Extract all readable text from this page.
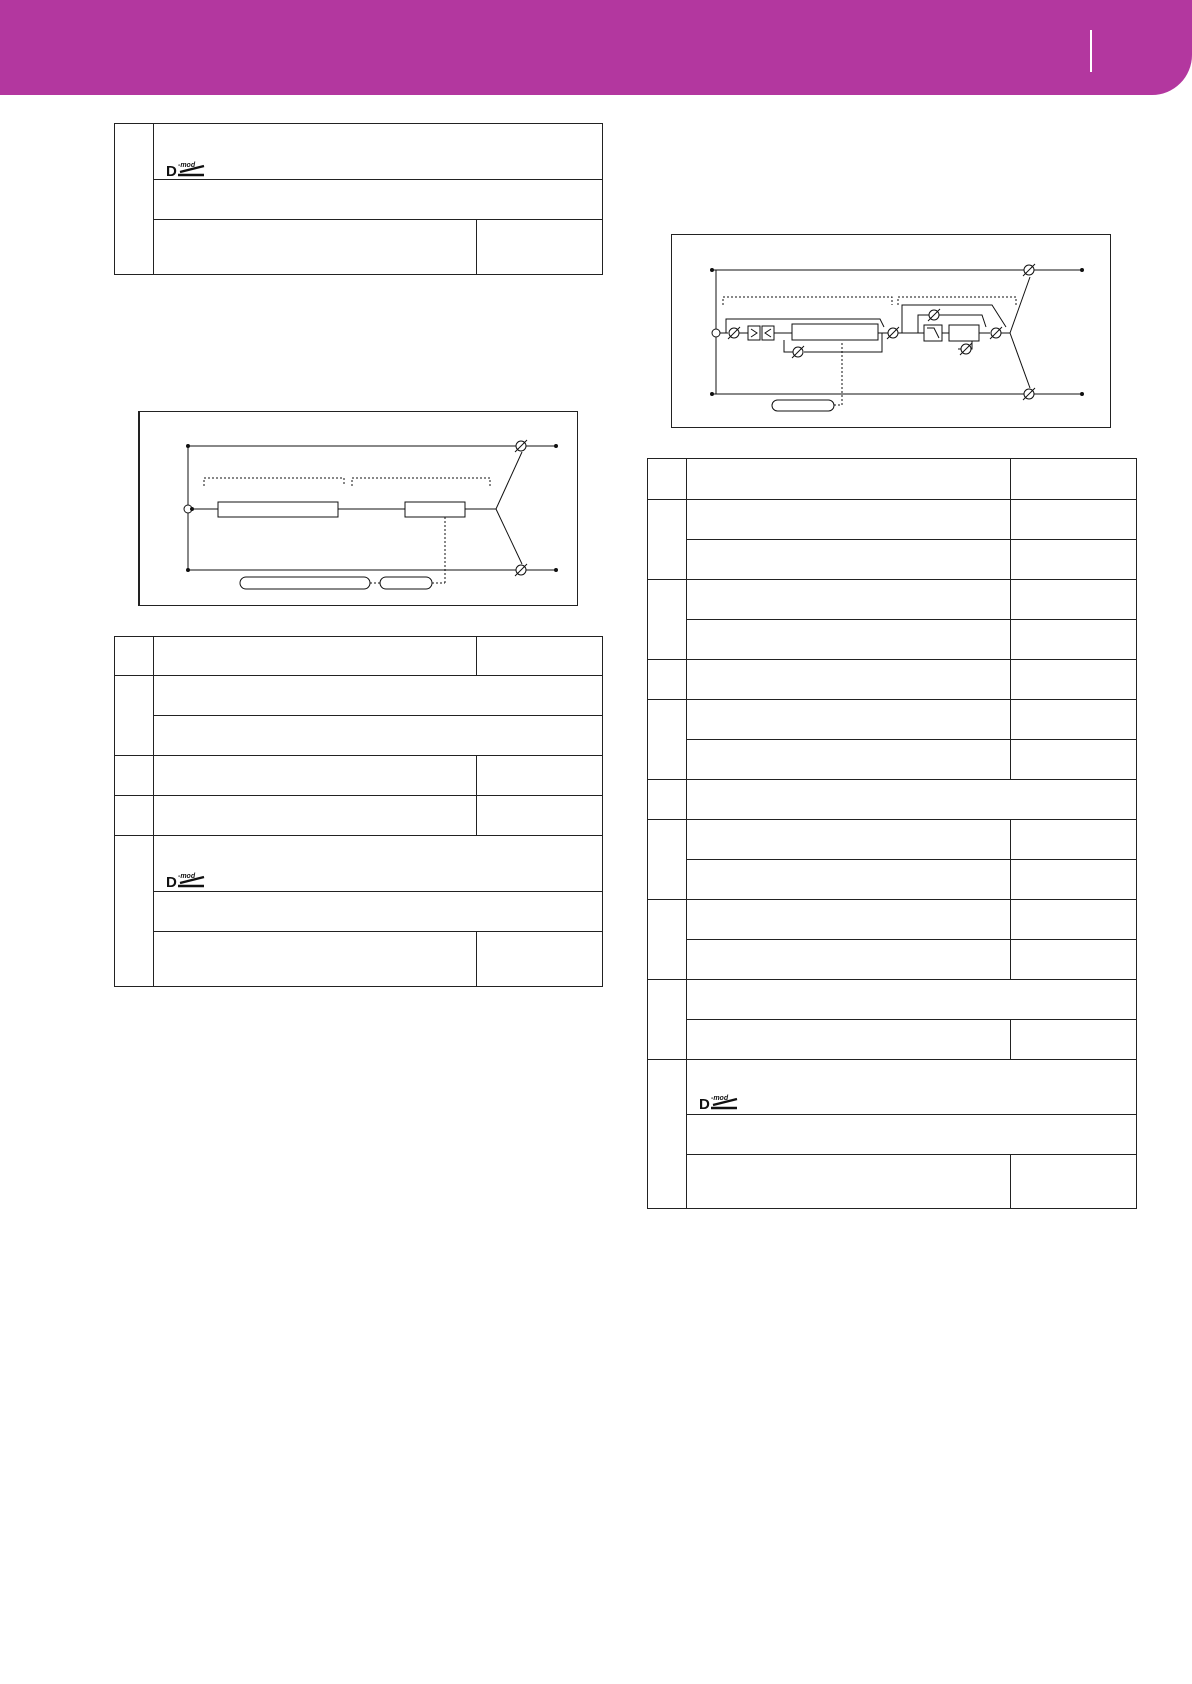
D -mod
D -mod
D -mod
